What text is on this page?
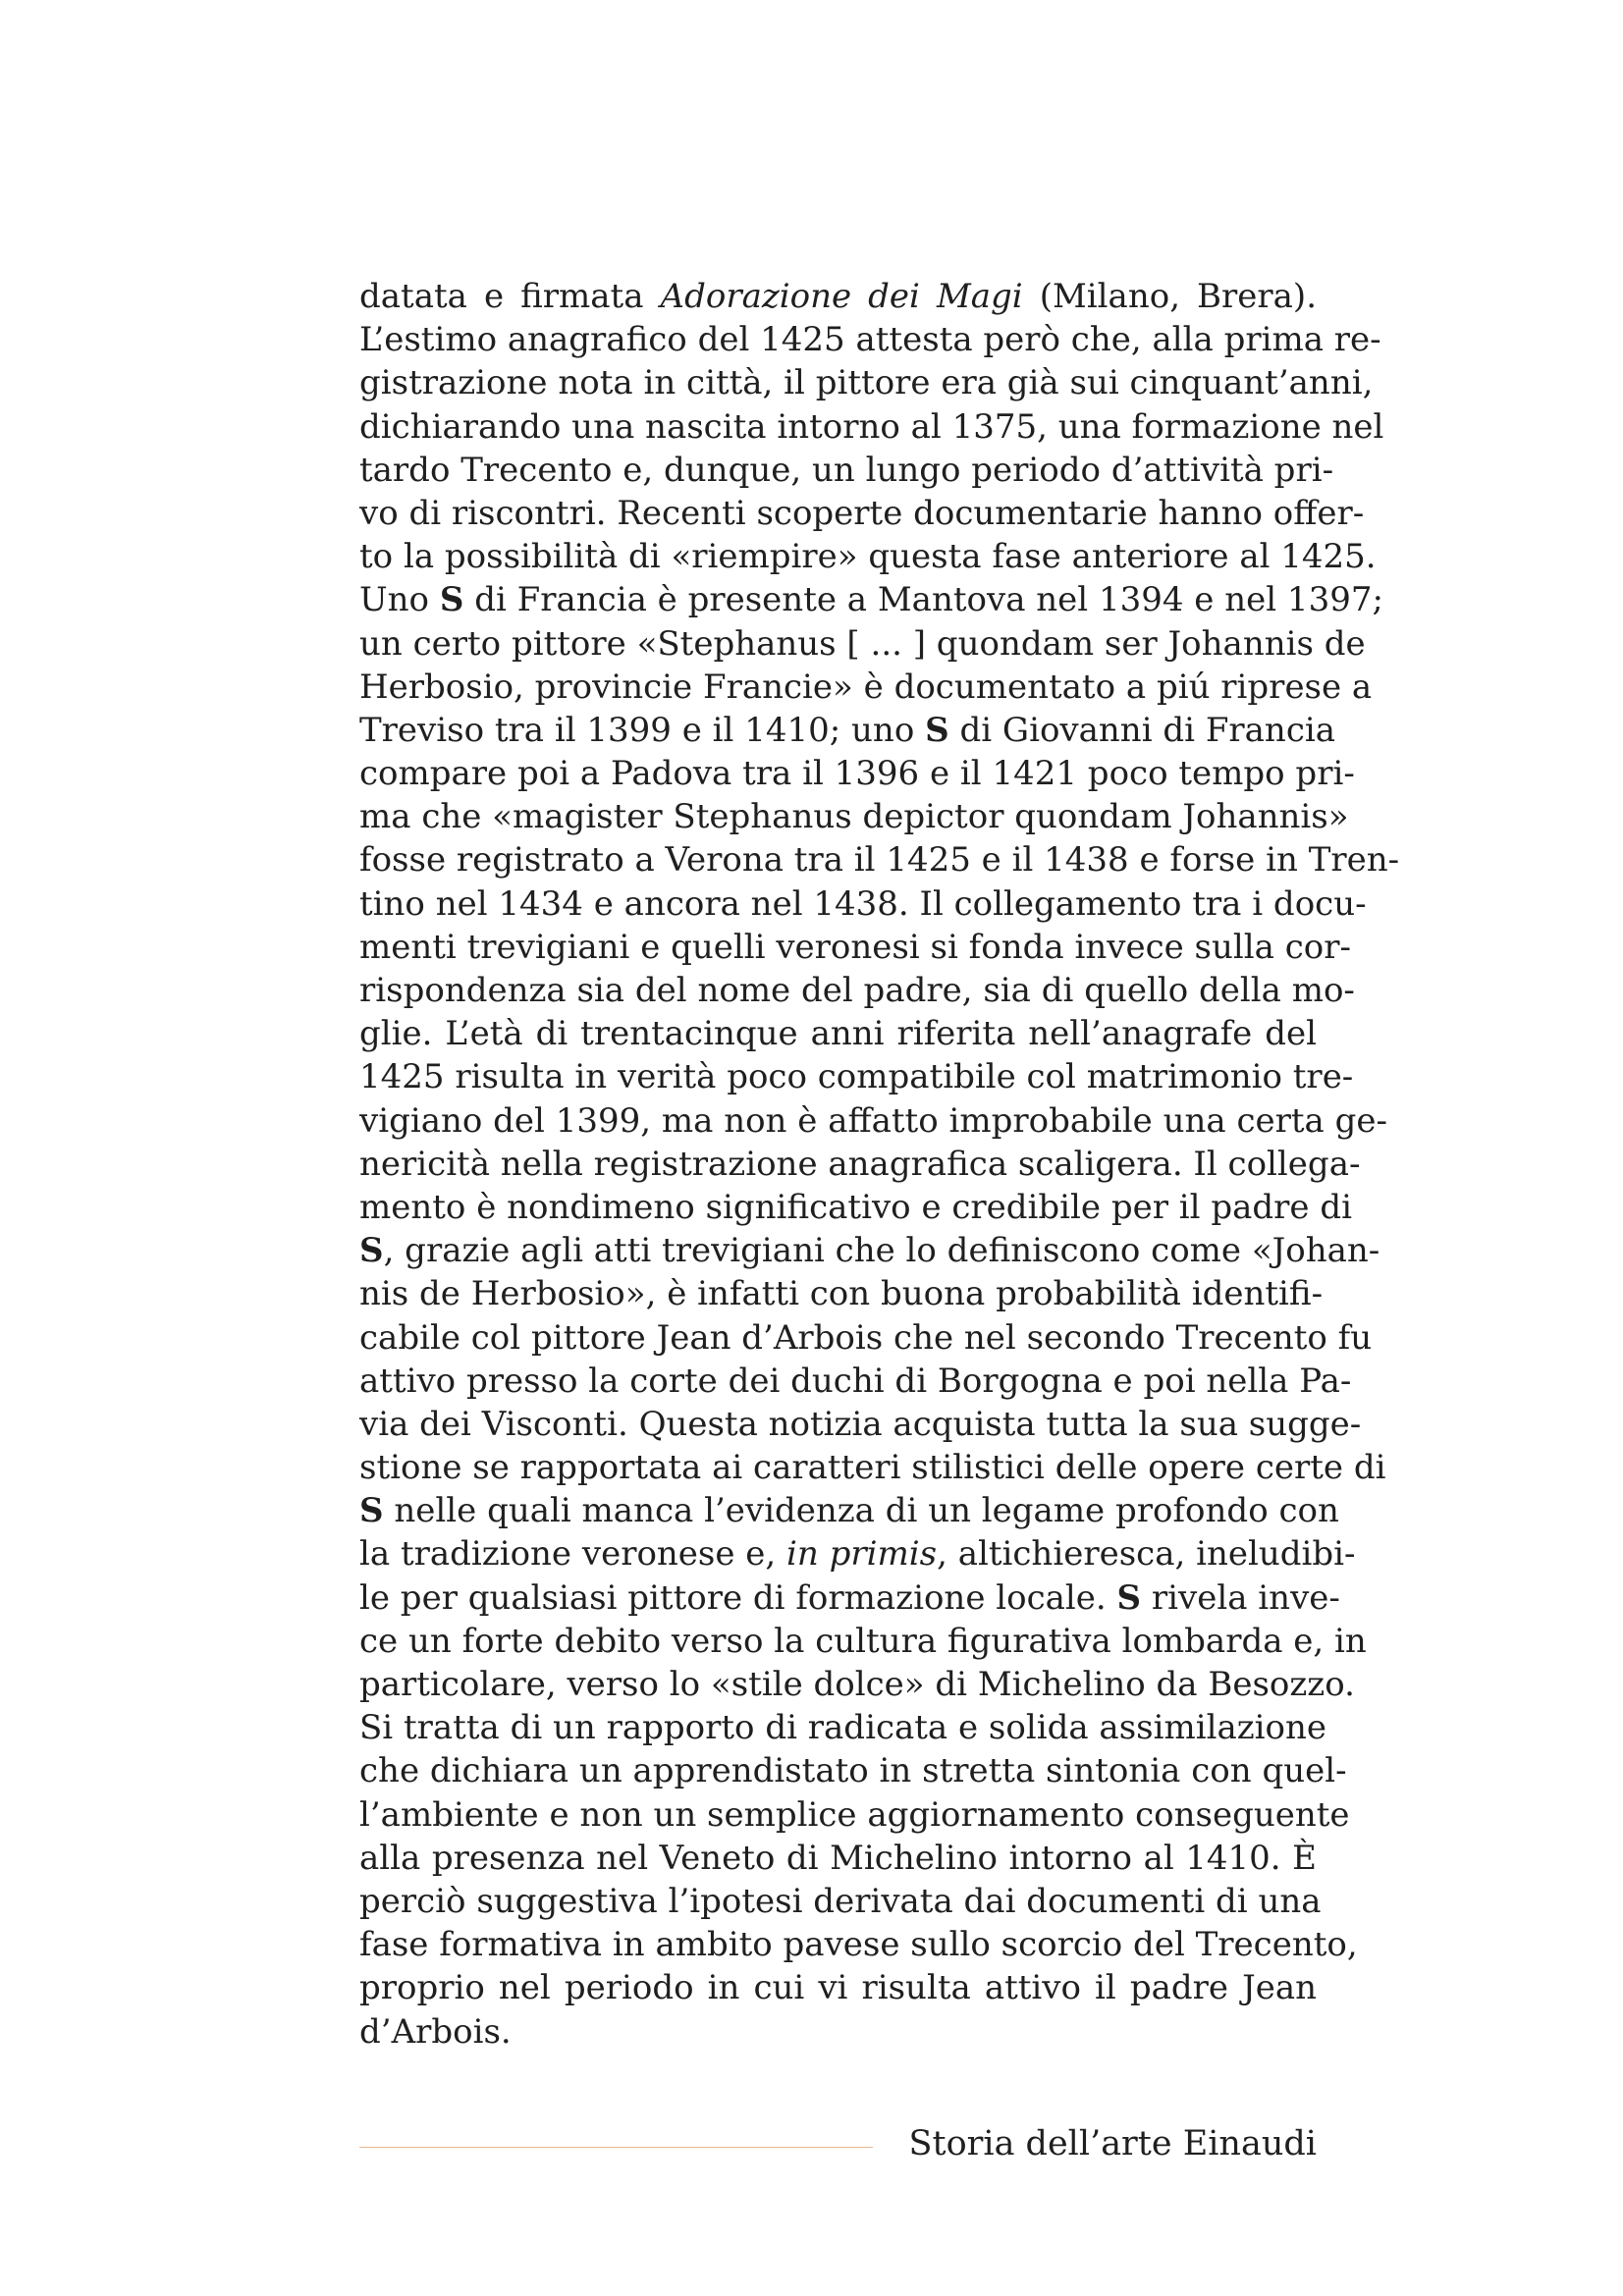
datata e firmata Adorazione dei Magi (Milano, Brera).
L’estimo anagrafico del 1425 attesta però che, alla prima re-
gistrazione nota in città, il pittore era già sui cinquant’anni,
dichiarando una nascita intorno al 1375, una formazione nel
tardo Trecento e, dunque, un lungo periodo d’attività pri-
vo di riscontri. Recenti scoperte documentarie hanno offer-
to la possibilità di «riempire» questa fase anteriore al 1425.
Uno S di Francia è presente a Mantova nel 1394 e nel 1397;
un certo pittore «Stephanus [ ... ] quondam ser Johannis de
Herbosio, provincie Francie» è documentato a piú riprese a
Treviso tra il 1399 e il 1410; uno S di Giovanni di Francia
compare poi a Padova tra il 1396 e il 1421 poco tempo pri-
ma che «magister Stephanus depictor quondam Johannis»
fosse registrato a Verona tra il 1425 e il 1438 e forse in Tren-
tino nel 1434 e ancora nel 1438. Il collegamento tra i docu-
menti trevigiani e quelli veronesi si fonda invece sulla cor-
rispondenza sia del nome del padre, sia di quello della mo-
glie. L’età di trentacinque anni riferita nell’anagrafe del
1425 risulta in verità poco compatibile col matrimonio tre-
vigiano del 1399, ma non è affatto improbabile una certa ge-
nericità nella registrazione anagrafica scaligera. Il collega-
mento è nondimeno significativo e credibile per il padre di
S, grazie agli atti trevigiani che lo definiscono come «Johan-
nis de Herbosio», è infatti con buona probabilità identifi-
cabile col pittore Jean d’Arbois che nel secondo Trecento fu
attivo presso la corte dei duchi di Borgogna e poi nella Pa-
via dei Visconti. Questa notizia acquista tutta la sua sugge-
stione se rapportata ai caratteri stilistici delle opere certe di
S nelle quali manca l’evidenza di un legame profondo con
la tradizione veronese e, in primis, altichieresca, ineludibi-
le per qualsiasi pittore di formazione locale. S rivela inve-
ce un forte debito verso la cultura figurativa lombarda e, in
particolare, verso lo «stile dolce» di Michelino da Besozzo.
Si tratta di un rapporto di radicata e solida assimilazione
che dichiara un apprendistato in stretta sintonia con quel-
l’ambiente e non un semplice aggiornamento conseguente
alla presenza nel Veneto di Michelino intorno al 1410. È
perciò suggestiva l’ipotesi derivata dai documenti di una
fase formativa in ambito pavese sullo scorcio del Trecento,
proprio nel periodo in cui vi risulta attivo il padre Jean
d’Arbois.
Storia dell’arte Einaudi
